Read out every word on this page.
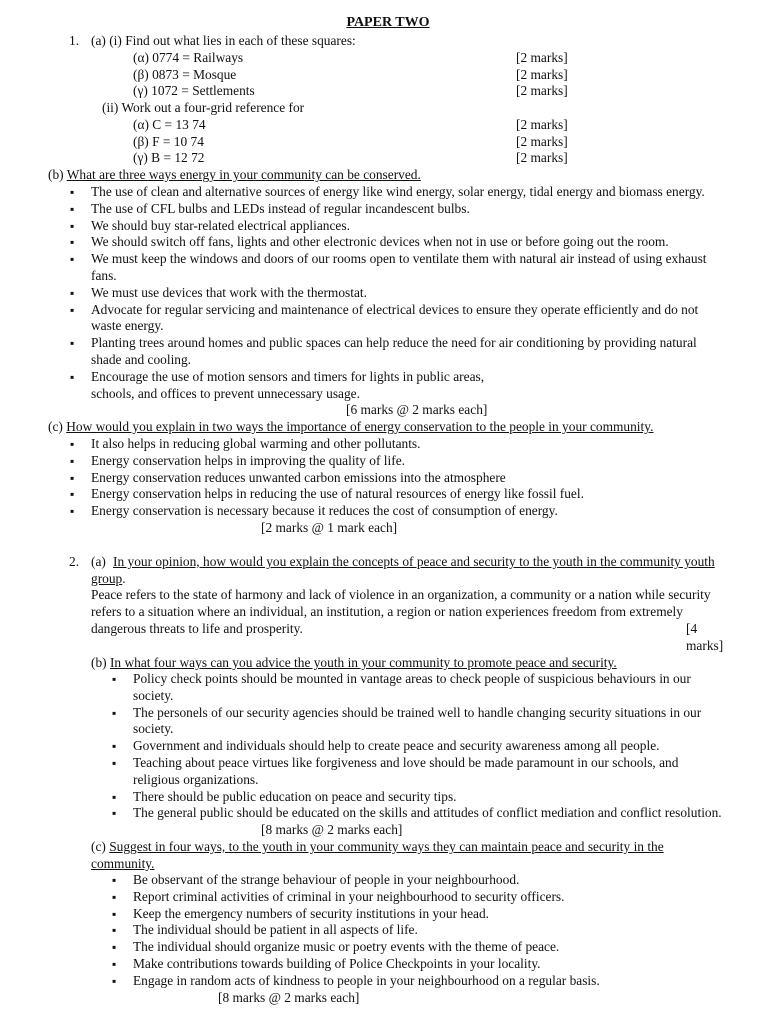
PAPER TWO
1. (a) (i) Find out what lies in each of these squares:
(α) 0774 = Railways	[2 marks]
(β) 0873 = Mosque	[2 marks]
(γ) 1072 = Settlements	[2 marks]
(ii) Work out a four-grid reference for
(α) C = 13 74	[2 marks]
(β) F = 10 74	[2 marks]
(γ) B = 12 72	[2 marks]
(b) What are three ways energy in your community can be conserved.
▪ The use of clean and alternative sources of energy like wind energy, solar energy, tidal energy and biomass energy.
▪ The use of CFL bulbs and LEDs instead of regular incandescent bulbs.
▪ We should buy star-related electrical appliances.
▪ We should switch off fans, lights and other electronic devices when not in use or before going out the room.
▪ We must keep the windows and doors of our rooms open to ventilate them with natural air instead of using exhaust fans.
▪ We must use devices that work with the thermostat.
▪ Advocate for regular servicing and maintenance of electrical devices to ensure they operate efficiently and do not waste energy.
▪ Planting trees around homes and public spaces can help reduce the need for air conditioning by providing natural shade and cooling.
▪ Encourage the use of motion sensors and timers for lights in public areas, schools, and offices to prevent unnecessary usage.
[6 marks @ 2 marks each]
(c) How would you explain in two ways the importance of energy conservation to the people in your community.
▪ It also helps in reducing global warming and other pollutants.
▪ Energy conservation helps in improving the quality of life.
▪ Energy conservation reduces unwanted carbon emissions into the atmosphere
▪ Energy conservation helps in reducing the use of natural resources of energy like fossil fuel.
▪ Energy conservation is necessary because it reduces the cost of consumption of energy.
[2 marks @ 1 mark each]
2. (a) In your opinion, how would you explain the concepts of peace and security to the youth in the community youth group.
Peace refers to the state of harmony and lack of violence in an organization, a community or a nation while security refers to a situation where an individual, an institution, a region or nation experiences freedom from extremely dangerous threats to life and prosperity.	[4 marks]
(b) In what four ways can you advice the youth in your community to promote peace and security.
▪ Policy check points should be mounted in vantage areas to check people of suspicious behaviours in our society.
▪ The personels of our security agencies should be trained well to handle changing security situations in our society.
▪ Government and individuals should help to create peace and security awareness among all people.
▪ Teaching about peace virtues like forgiveness and love should be made paramount in our schools, and religious organizations.
▪ There should be public education on peace and security tips.
▪ The general public should be educated on the skills and attitudes of conflict mediation and conflict resolution.
[8 marks @ 2 marks each]
(c) Suggest in four ways, to the youth in your community ways they can maintain peace and security in the community.
▪ Be observant of the strange behaviour of people in your neighbourhood.
▪ Report criminal activities of criminal in your neighbourhood to security officers.
▪ Keep the emergency numbers of security institutions in your head.
▪ The individual should be patient in all aspects of life.
▪ The individual should organize music or poetry events with the theme of peace.
▪ Make contributions towards building of Police Checkpoints in your locality.
▪ Engage in random acts of kindness to people in your neighbourhood on a regular basis.
[8 marks @ 2 marks each]
